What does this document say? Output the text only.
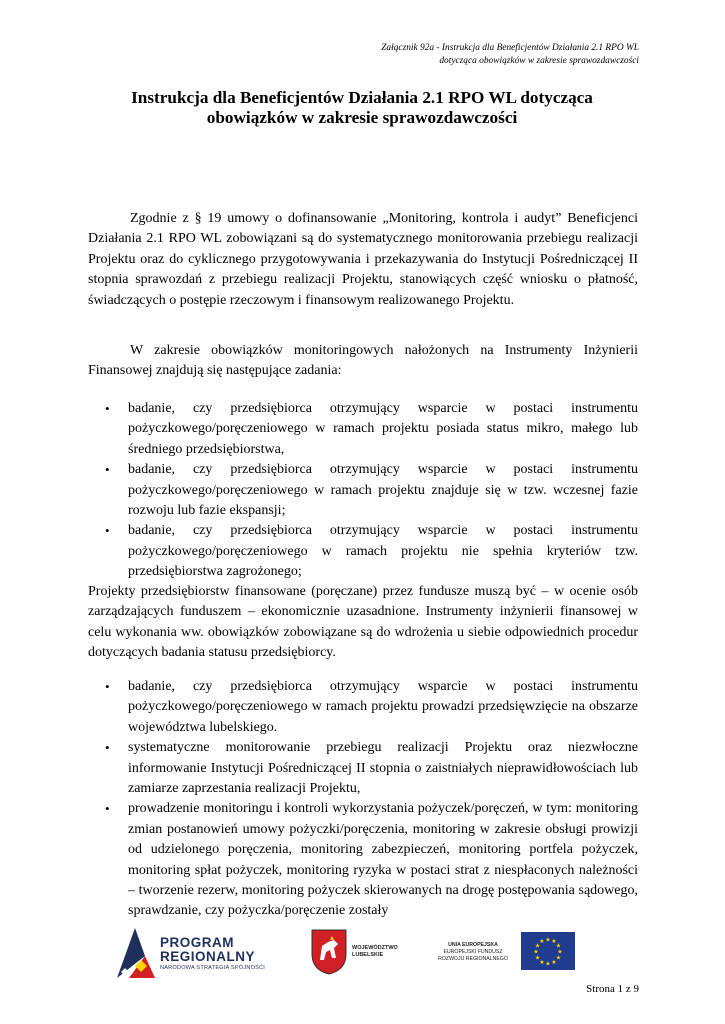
Załącznik 92a - Instrukcja dla Beneficjentów Działania 2.1 RPO WL
dotycząca obowiązków w zakresie sprawozdawczości
Instrukcja dla Beneficjentów Działania 2.1 RPO WL dotycząca
obowiązków w zakresie sprawozdawczości

Zgodnie z § 19 umowy o dofinansowanie „Monitoring, kontrola i audyt” Beneficjenci Działania 2.1 RPO WL zobowiązani są do systematycznego monitorowania przebiegu realizacji Projektu oraz do cyklicznego przygotowywania i przekazywania do Instytucji Pośredniczącej II stopnia sprawozdań z przebiegu realizacji Projektu, stanowiących część wniosku o płatność, świadczących o postępie rzeczowym i finansowym realizowanego Projektu.

W zakresie obowiązków monitoringowych nałożonych na Instrumenty Inżynierii Finansowej znajdują się następujące zadania:

• badanie, czy przedsiębiorca otrzymujący wsparcie w postaci instrumentu pożyczkowego/poręczeniowego w ramach projektu posiada status mikro, małego lub średniego przedsiębiorstwa,
• badanie, czy przedsiębiorca otrzymujący wsparcie w postaci instrumentu pożyczkowego/poręczeniowego w ramach projektu znajduje się w tzw. wczesnej fazie rozwoju lub fazie ekspansji;
• badanie, czy przedsiębiorca otrzymujący wsparcie w postaci instrumentu pożyczkowego/poręczeniowego w ramach projektu nie spełnia kryteriów tzw. przedsiębiorstwa zagrożonego;

Projekty przedsiębiorstw finansowane (poręczane) przez fundusze muszą być – w ocenie osób zarządzających funduszem – ekonomicznie uzasadnione. Instrumenty inżynierii finansowej w celu wykonania ww. obowiązków zobowiązane są do wdrożenia u siebie odpowiednich procedur dotyczących badania statusu przedsiębiorcy.

• badanie, czy przedsiębiorca otrzymujący wsparcie w postaci instrumentu pożyczkowego/poręczeniowego w ramach projektu prowadzi przedsięwzięcie na obszarze województwa lubelskiego.
• systematyczne monitorowanie przebiegu realizacji Projektu oraz niezwłoczne informowanie Instytucji Pośredniczącej II stopnia o zaistniałych nieprawidłowościach lub zamiarze zaprzestania realizacji Projektu,
• prowadzenie monitoringu i kontroli wykorzystania pożyczek/poręczeń, w tym: monitoring zmian postanowień umowy pożyczki/poręczenia, monitoring w zakresie obsługi prowizji od udzielonego poręczenia, monitoring zabezpieczeń, monitoring portfela pożyczek, monitoring spłat pożyczek, monitoring ryzyka w postaci strat z niespłaconych należności – tworzenie rezerw, monitoring pożyczek skierowanych na drogę postępowania sądowego, sprawdzanie, czy pożyczka/poręczenie zostały
PROGRAM
REGIONALNY
NARODOWA STRATEGIA SPÓJNOŚCI
WOJEWÓDZTWO
LUBELSKIE
UNIA EUROPEJSKA
EUROPEJSKI FUNDUSZ
ROZWOJU REGIONALNEGO
★ ★
★
★
★
★
★
★
★
★
★
★
Strona 1 z 9
